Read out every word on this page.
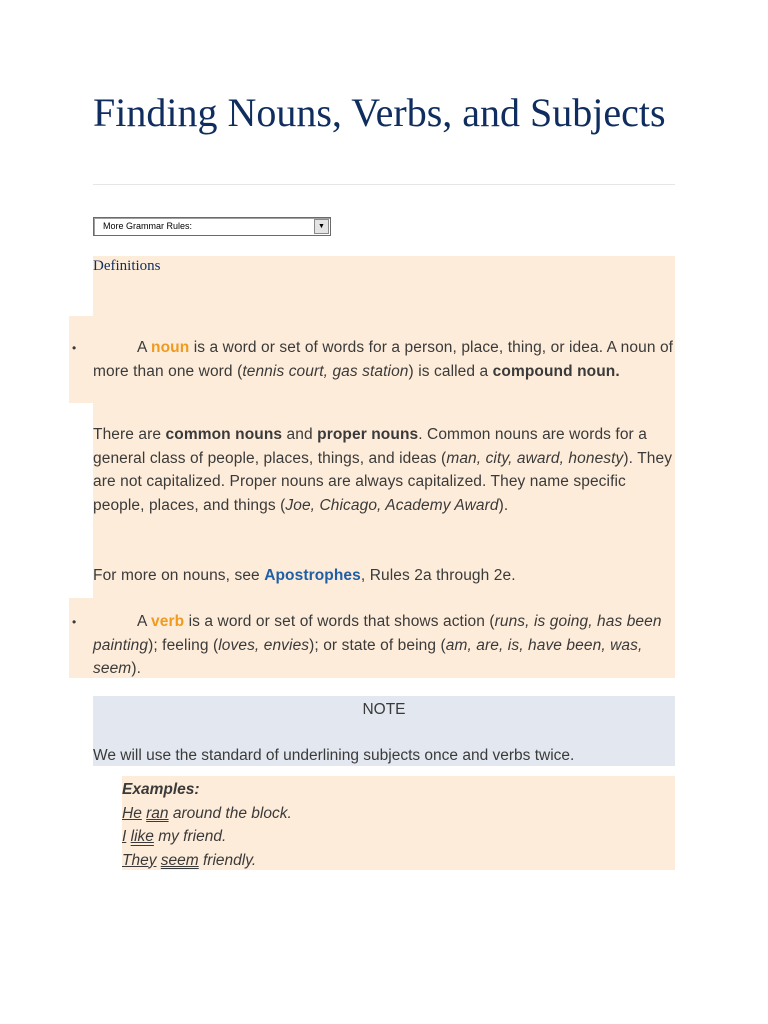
Finding Nouns, Verbs, and Subjects
More Grammar Rules:	▼
Definitions
•	A noun is a word or set of words for a person, place, thing, or idea. A noun of more than one word (tennis court, gas station) is called a compound noun.

There are common nouns and proper nouns. Common nouns are words for a general class of people, places, things, and ideas (man, city, award, honesty). They are not capitalized. Proper nouns are always capitalized. They name specific people, places, and things (Joe, Chicago, Academy Award).

For more on nouns, see Apostrophes, Rules 2a through 2e.

•	A verb is a word or set of words that shows action (runs, is going, has been painting); feeling (loves, envies); or state of being (am, are, is, have been, was, seem).

NOTE
We will use the standard of underlining subjects once and verbs twice.
Examples:
He ran around the block.
I like my friend.
They seem friendly.
